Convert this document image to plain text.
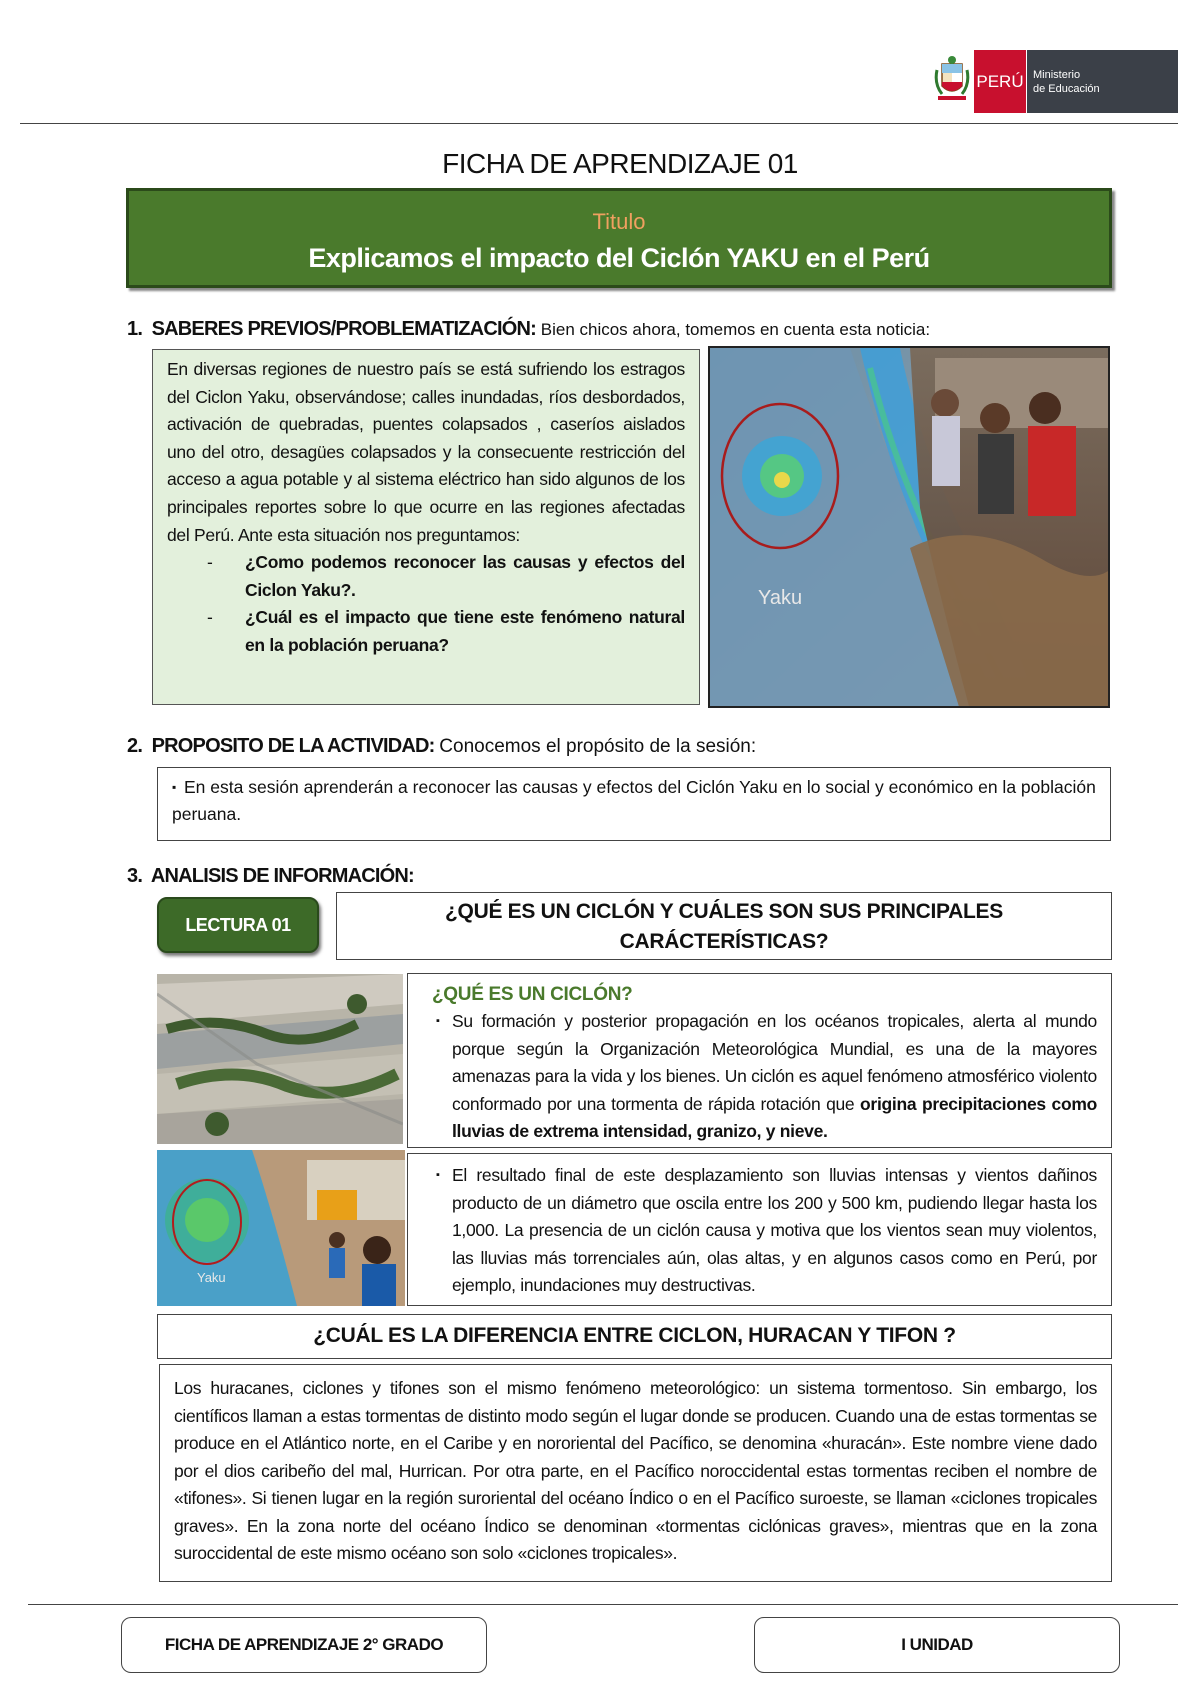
PERÚ Ministerio
de Educación
FICHA DE APRENDIZAJE 01
Titulo
Explicamos el impacto del Ciclón YAKU en el Perú
1. SABERES PREVIOS/PROBLEMATIZACIÓN: Bien chicos ahora, tomemos en cuenta esta noticia:

En diversas regiones de nuestro país se está sufriendo los estragos del Ciclon Yaku, observándose; calles inundadas, ríos desbordados, activación de quebradas, puentes colapsados , caseríos aislados uno del otro, desagües colapsados y la consecuente restricción del acceso a agua potable y al sistema eléctrico han sido algunos de los principales reportes sobre lo que ocurre en las regiones afectadas del Perú. Ante esta situación nos preguntamos:

- ¿Como podemos reconocer las causas y efectos del Ciclon Yaku?.
- ¿Cuál es el impacto que tiene este fenómeno natural en la población peruana?
Yaku
2. PROPOSITO DE LA ACTIVIDAD: Conocemos el propósito de la sesión:
▪ En esta sesión aprenderán a reconocer las causas y efectos del Ciclón Yaku en lo social y económico en la población peruana.
3. ANALISIS DE INFORMACIÓN:
LECTURA 01
¿QUÉ ES UN CICLÓN Y CUÁLES SON SUS PRINCIPALES
CARÁCTERÍSTICAS?
Yaku
¿QUÉ ES UN CICLÓN?
▪ Su formación y posterior propagación en los océanos tropicales, alerta al mundo porque según la Organización Meteorológica Mundial, es una de la mayores amenazas para la vida y los bienes. Un ciclón es aquel fenómeno atmosférico violento conformado por una tormenta de rápida rotación que origina precipitaciones como lluvias de extrema intensidad, granizo, y nieve.
▪ El resultado final de este desplazamiento son lluvias intensas y vientos dañinos producto de un diámetro que oscila entre los 200 y 500 km, pudiendo llegar hasta los 1,000. La presencia de un ciclón causa y motiva que los vientos sean muy violentos, las lluvias más torrenciales aún, olas altas, y en algunos casos como en Perú, por ejemplo, inundaciones muy destructivas.
¿CUÁL ES LA DIFERENCIA ENTRE CICLON, HURACAN Y TIFON ?
Los huracanes, ciclones y tifones son el mismo fenómeno meteorológico: un sistema tormentoso. Sin embargo, los científicos llaman a estas tormentas de distinto modo según el lugar donde se producen. Cuando una de estas tormentas se produce en el Atlántico norte, en el Caribe y en nororiental del Pacífico, se denomina «huracán». Este nombre viene dado por el dios caribeño del mal, Hurrican. Por otra parte, en el Pacífico noroccidental estas tormentas reciben el nombre de «tifones». Si tienen lugar en la región suroriental del océano Índico o en el Pacífico suroeste, se llaman «ciclones tropicales graves». En la zona norte del océano Índico se denominan «tormentas ciclónicas graves», mientras que en la zona suroccidental de este mismo océano son solo «ciclones tropicales».
FICHA DE APRENDIZAJE 2° GRADO	I UNIDAD
